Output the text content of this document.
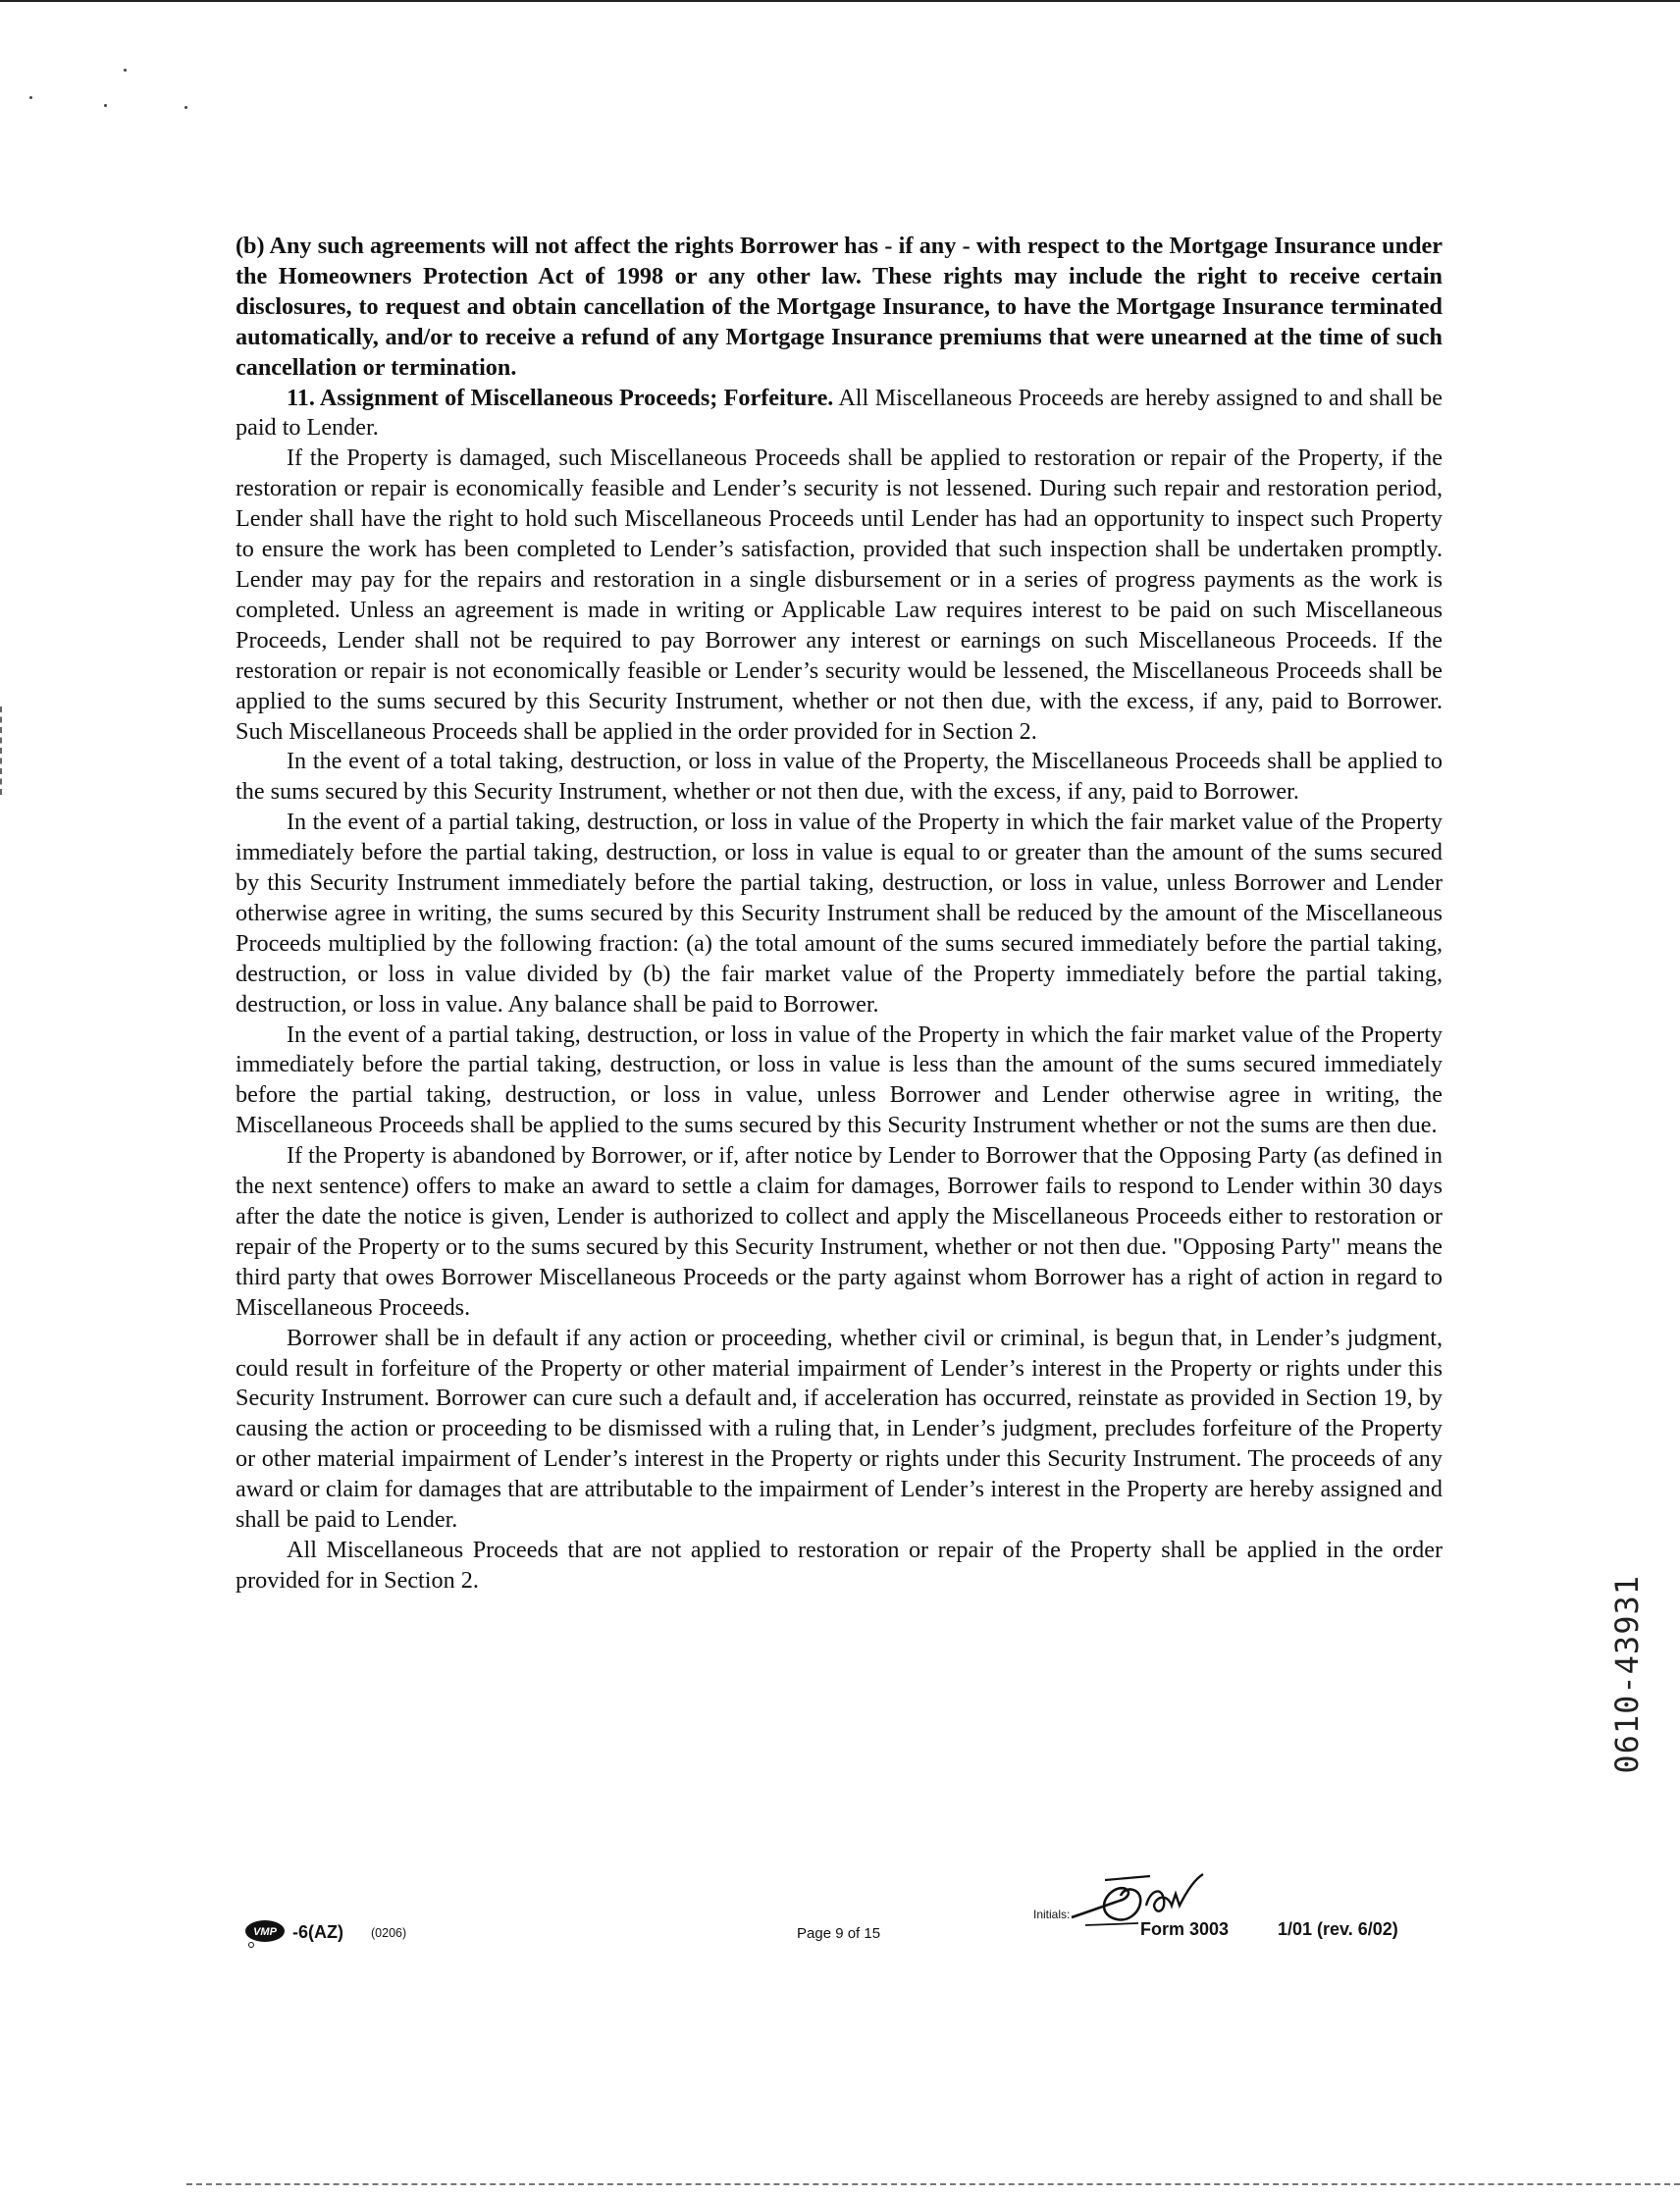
(b) Any such agreements will not affect the rights Borrower has - if any - with respect to the Mortgage Insurance under the Homeowners Protection Act of 1998 or any other law. These rights may include the right to receive certain disclosures, to request and obtain cancellation of the Mortgage Insurance, to have the Mortgage Insurance terminated automatically, and/or to receive a refund of any Mortgage Insurance premiums that were unearned at the time of such cancellation or termination.

11. Assignment of Miscellaneous Proceeds; Forfeiture. All Miscellaneous Proceeds are hereby assigned to and shall be paid to Lender.

If the Property is damaged, such Miscellaneous Proceeds shall be applied to restoration or repair of the Property, if the restoration or repair is economically feasible and Lender’s security is not lessened. During such repair and restoration period, Lender shall have the right to hold such Miscellaneous Proceeds until Lender has had an opportunity to inspect such Property to ensure the work has been completed to Lender’s satisfaction, provided that such inspection shall be undertaken promptly. Lender may pay for the repairs and restoration in a single disbursement or in a series of progress payments as the work is completed. Unless an agreement is made in writing or Applicable Law requires interest to be paid on such Miscellaneous Proceeds, Lender shall not be required to pay Borrower any interest or earnings on such Miscellaneous Proceeds. If the restoration or repair is not economically feasible or Lender’s security would be lessened, the Miscellaneous Proceeds shall be applied to the sums secured by this Security Instrument, whether or not then due, with the excess, if any, paid to Borrower. Such Miscellaneous Proceeds shall be applied in the order provided for in Section 2.

In the event of a total taking, destruction, or loss in value of the Property, the Miscellaneous Proceeds shall be applied to the sums secured by this Security Instrument, whether or not then due, with the excess, if any, paid to Borrower.

In the event of a partial taking, destruction, or loss in value of the Property in which the fair market value of the Property immediately before the partial taking, destruction, or loss in value is equal to or greater than the amount of the sums secured by this Security Instrument immediately before the partial taking, destruction, or loss in value, unless Borrower and Lender otherwise agree in writing, the sums secured by this Security Instrument shall be reduced by the amount of the Miscellaneous Proceeds multiplied by the following fraction: (a) the total amount of the sums secured immediately before the partial taking, destruction, or loss in value divided by (b) the fair market value of the Property immediately before the partial taking, destruction, or loss in value. Any balance shall be paid to Borrower.

In the event of a partial taking, destruction, or loss in value of the Property in which the fair market value of the Property immediately before the partial taking, destruction, or loss in value is less than the amount of the sums secured immediately before the partial taking, destruction, or loss in value, unless Borrower and Lender otherwise agree in writing, the Miscellaneous Proceeds shall be applied to the sums secured by this Security Instrument whether or not the sums are then due.

If the Property is abandoned by Borrower, or if, after notice by Lender to Borrower that the Opposing Party (as defined in the next sentence) offers to make an award to settle a claim for damages, Borrower fails to respond to Lender within 30 days after the date the notice is given, Lender is authorized to collect and apply the Miscellaneous Proceeds either to restoration or repair of the Property or to the sums secured by this Security Instrument, whether or not then due. "Opposing Party" means the third party that owes Borrower Miscellaneous Proceeds or the party against whom Borrower has a right of action in regard to Miscellaneous Proceeds.

Borrower shall be in default if any action or proceeding, whether civil or criminal, is begun that, in Lender’s judgment, could result in forfeiture of the Property or other material impairment of Lender’s interest in the Property or rights under this Security Instrument. Borrower can cure such a default and, if acceleration has occurred, reinstate as provided in Section 19, by causing the action or proceeding to be dismissed with a ruling that, in Lender’s judgment, precludes forfeiture of the Property or other material impairment of Lender’s interest in the Property or rights under this Security Instrument. The proceeds of any award or claim for damages that are attributable to the impairment of Lender’s interest in the Property are hereby assigned and shall be paid to Lender.

All Miscellaneous Proceeds that are not applied to restoration or repair of the Property shall be applied in the order provided for in Section 2.	0610-43931
VMP -6(AZ) (0206)	Page 9 of 15
Initials:
Form 3003	1/01 (rev. 6/02)
